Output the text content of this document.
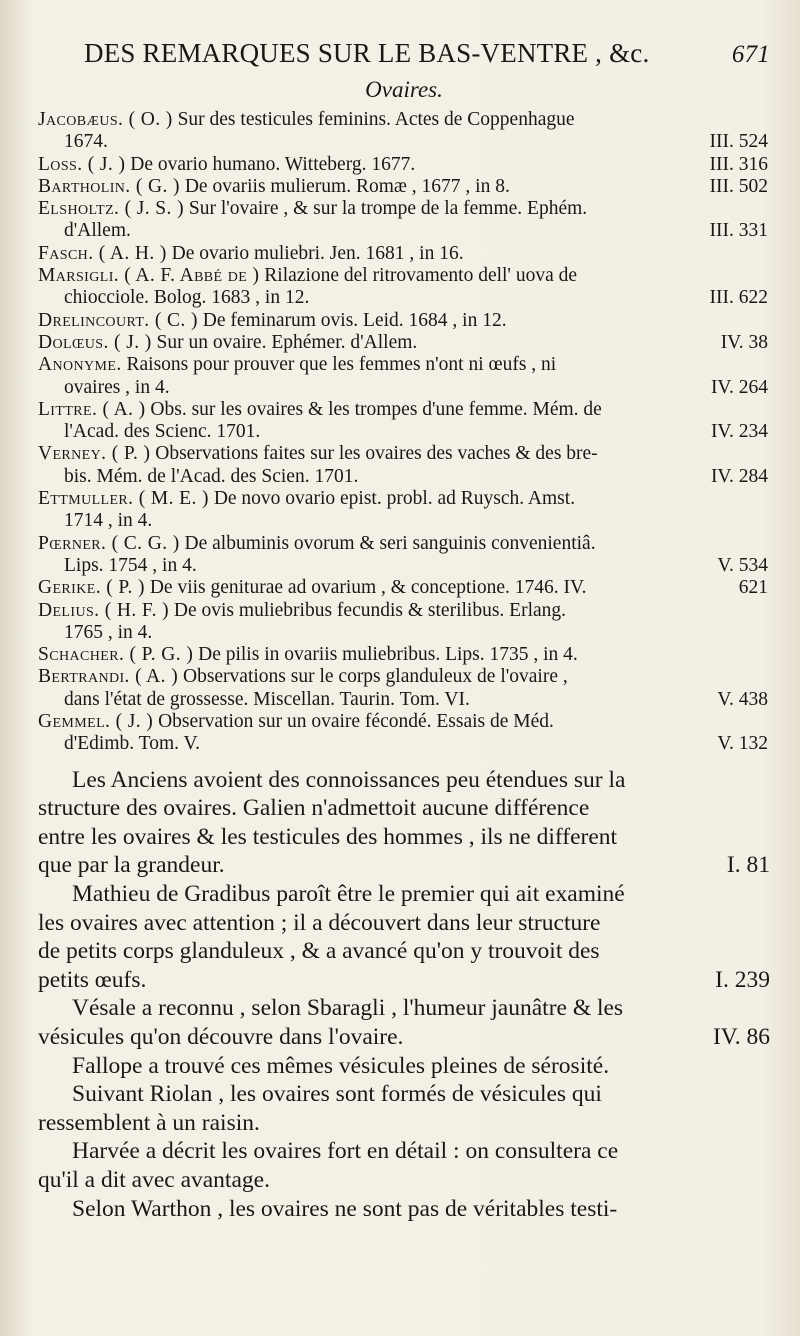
DES REMARQUES SUR LE BAS-VENTRE , &c.	671
Ovaires.
Jacobæus. ( O. ) Sur des testicules feminins. Actes de Coppenhague
1674.	III. 524
Loss. ( J. ) De ovario humano. Witteberg. 1677.	III. 316
Bartholin. ( G. ) De ovariis mulierum. Romæ , 1677 , in 8.	III. 502
Elsholtz. ( J. S. ) Sur l'ovaire , & sur la trompe de la femme. Ephém.
d'Allem.	III. 331
Fasch. ( A. H. ) De ovario muliebri. Jen. 1681 , in 16.
Marsigli. ( A. F. Abbé de ) Rilazione del ritrovamento dell' uova de
chiocciole. Bolog. 1683 , in 12.	III. 622
Drelincourt. ( C. ) De feminarum ovis. Leid. 1684 , in 12.
Dolœus. ( J. ) Sur un ovaire. Ephémer. d'Allem.	IV. 38
Anonyme. Raisons pour prouver que les femmes n'ont ni œufs , ni
ovaires , in 4.	IV. 264
Littre. ( A. ) Obs. sur les ovaires & les trompes d'une femme. Mém. de
l'Acad. des Scienc. 1701.	IV. 234
Verney. ( P. ) Observations faites sur les ovaires des vaches & des bre-
bis. Mém. de l'Acad. des Scien. 1701.	IV. 284
Ettmuller. ( M. E. ) De novo ovario epist. probl. ad Ruysch. Amst.
1714 , in 4.
Pœrner. ( C. G. ) De albuminis ovorum & seri sanguinis convenientiâ.
Lips. 1754 , in 4.	V. 534
Gerike. ( P. ) De viis geniturae ad ovarium , & conceptione. 1746. IV.	621
Delius. ( H. F. ) De ovis muliebribus fecundis & sterilibus. Erlang.
1765 , in 4.
Schacher. ( P. G. ) De pilis in ovariis muliebribus. Lips. 1735 , in 4.
Bertrandi. ( A. ) Observations sur le corps glanduleux de l'ovaire ,
dans l'état de grossesse. Miscellan. Taurin. Tom. VI.	V. 438
Gemmel. ( J. ) Observation sur un ovaire fécondé. Essais de Méd.
d'Edimb. Tom. V.	V. 132

Les Anciens avoient des connoissances peu étendues sur la
structure des ovaires. Galien n'admettoit aucune différence
entre les ovaires & les testicules des hommes , ils ne different
que par la grandeur.	I. 81

Mathieu de Gradibus paroît être le premier qui ait examiné
les ovaires avec attention ; il a découvert dans leur structure
de petits corps glanduleux , & a avancé qu'on y trouvoit des
petits œufs.	I. 239

Vésale a reconnu , selon Sbaragli , l'humeur jaunâtre & les
vésicules qu'on découvre dans l'ovaire.	IV. 86

Fallope a trouvé ces mêmes vésicules pleines de sérosité.

Suivant Riolan , les ovaires sont formés de vésicules qui
ressemblent à un raisin.

Harvée a décrit les ovaires fort en détail : on consultera ce
qu'il a dit avec avantage.

Selon Warthon , les ovaires ne sont pas de véritables testi-
